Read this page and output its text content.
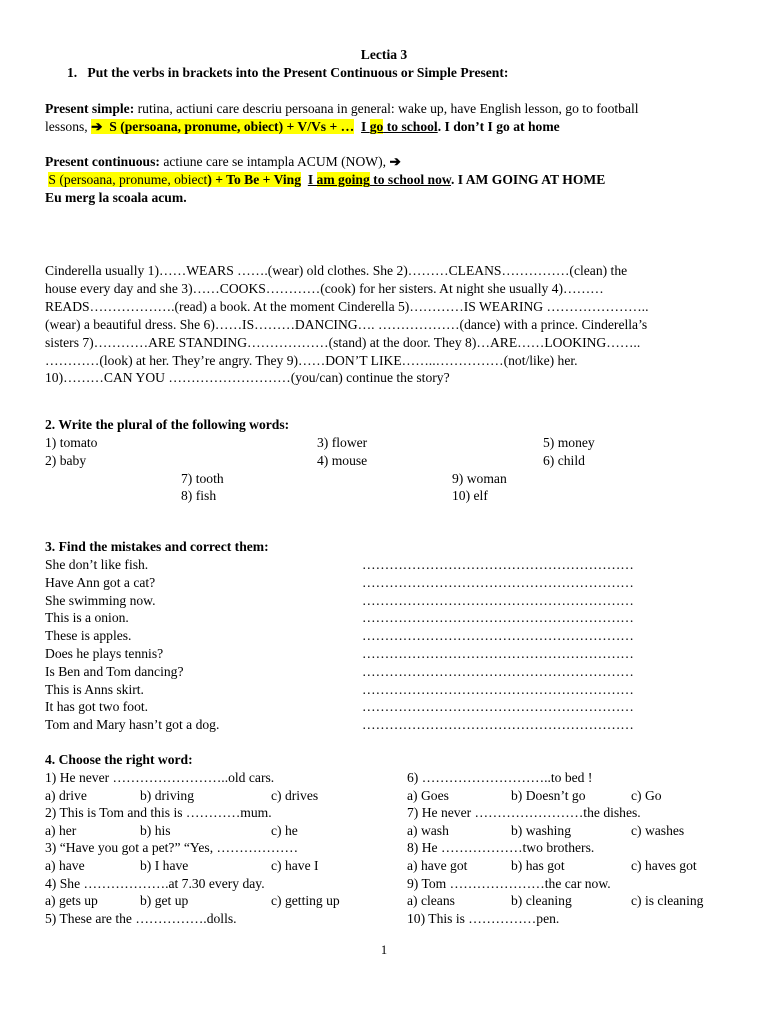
Lectia 3
1.   Put the verbs in brackets into the Present Continuous or Simple Present:
Present simple: rutina, actiuni care descriu persoana in general: wake up, have English lesson, go to football
lessons, ➔ S (persoana, pronume, obiect) + V/Vs + … I go to school. I don’t I go at home
Present continuous: actiune care se intampla ACUM (NOW), ➔
S (persoana, pronume, obiect) + To Be + Ving I am going to school now. I AM GOING AT HOME
Eu merg la scoala acum.
Cinderella usually 1)……WEARS …….(wear) old clothes. She 2)………CLEANS……………(clean) the
house every day and she 3)……COOKS…………(cook) for her sisters. At night she usually 4)………
READS……………….(read) a book. At the moment Cinderella 5)…………IS WEARING …………………..
(wear) a beautiful dress. She 6)……IS………DANCING…. ………………(dance) with a prince. Cinderella’s
sisters 7)…………ARE STANDING………………(stand) at the door. They 8)…ARE……LOOKING……..
…………(look) at her. They’re angry. They 9)……DON’T LIKE……..……………(not/like) her.
10)………CAN YOU ………………………(you/can) continue the story?
2. Write the plural of the following words:
1) tomato	3) flower	5) money
2) baby	4) mouse	6) child
7) tooth	9) woman
8) fish	10) elf
3. Find the mistakes and correct them:
She don’t like fish.	……………………………………………………
Have Ann got a cat?	……………………………………………………
She swimming now.	……………………………………………………
This is a onion.	……………………………………………………
These is apples.	……………………………………………………
Does he plays tennis?	……………………………………………………
Is Ben and Tom dancing?	……………………………………………………
This is Anns skirt.	……………………………………………………
It has got two foot.	……………………………………………………
Tom and Mary hasn’t got a dog.	……………………………………………………
4. Choose the right word:
1) He never ……………………..old cars.
a) drive	b) driving	c) drives
2) This is Tom and this is …………mum.
a) her	b) his	c) he
3) “Have you got a pet?” “Yes, ………………
a) have	b) I have	c) have I
4) She ……………….at 7.30 every day.
a) gets up	b) get up	c) getting up
5) These are the …………….dolls.
6) ………………………..to bed !
a) Goes	b) Doesn’t go	c) Go
7) He never ……………………the dishes.
a) wash	b) washing	c) washes
8) He ………………two brothers.
a) have got	b) has got	c) haves got
9) Tom …………………the car now.
a) cleans	b) cleaning	c) is cleaning
10) This is ……………pen.
1
